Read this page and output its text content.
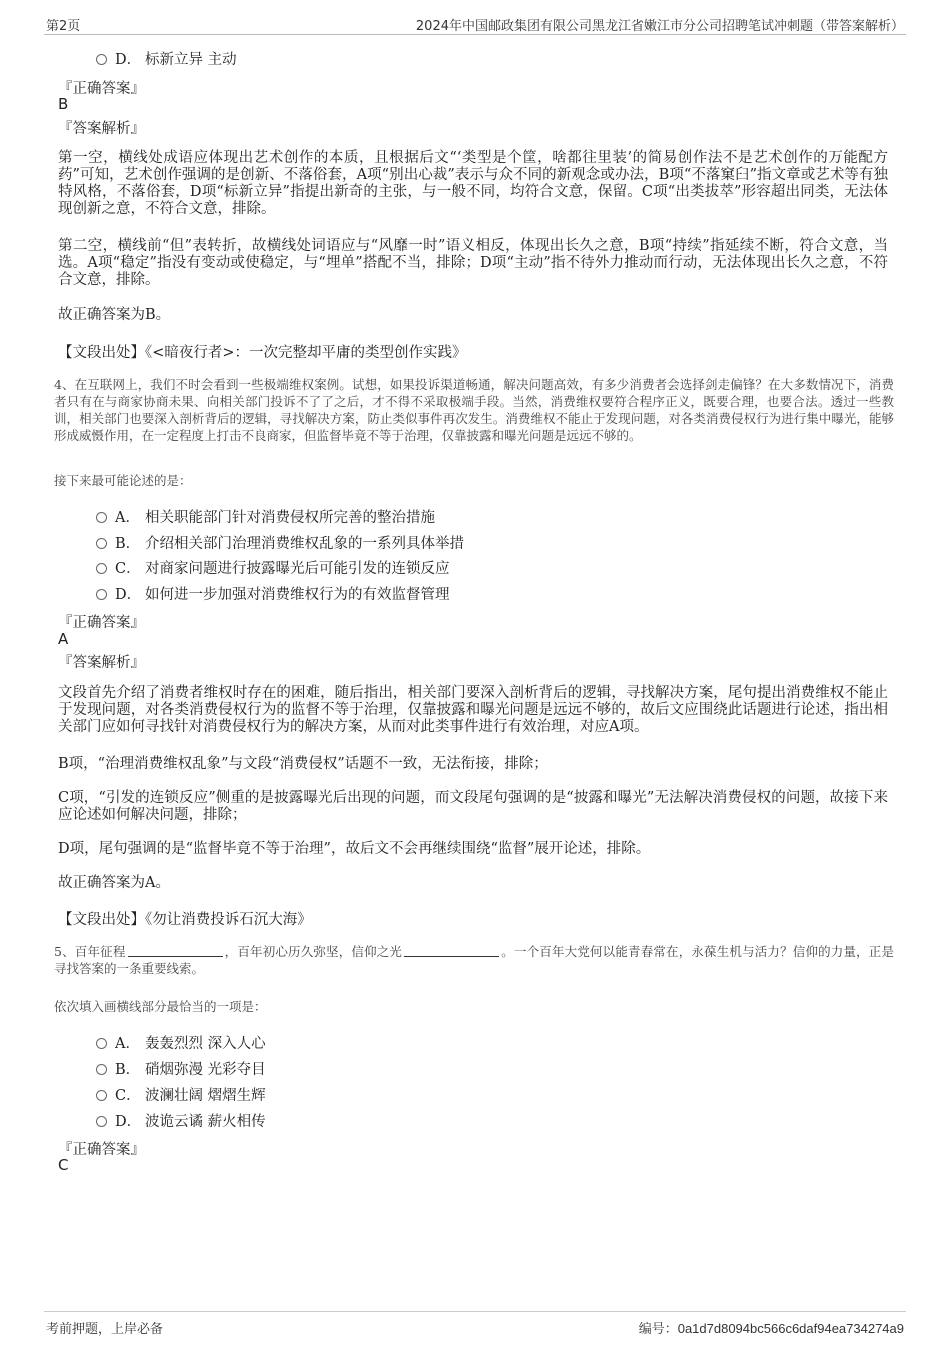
第2页	2024年中国邮政集团有限公司黑龙江省嫩江市分公司招聘笔试冲刺题（带答案解析）
D． 标新立异 主动
『正确答案』
B
『答案解析』
第一空，横线处成语应体现出艺术创作的本质，且根据后文“‘类型是个筐，啥都往里装’的简易创作法不是艺术创作的万能配方药”可知，艺术创作强调的是创新、不落俗套，A项“别出心裁”表示与众不同的新观念或办法，B项“不落窠臼”指文章或艺术等有独特风格，不落俗套，D项“标新立异”指提出新奇的主张，与一般不同，均符合文意，保留。C项“出类拔萃”形容超出同类，无法体现创新之意，不符合文意，排除。
第二空，横线前“但”表转折，故横线处词语应与“风靡一时”语义相反，体现出长久之意，B项“持续”指延续不断，符合文意，当选。A项“稳定”指没有变动或使稳定，与“埋单”搭配不当，排除；D项“主动”指不待外力推动而行动，无法体现出长久之意，不符合文意，排除。
故正确答案为B。
【文段出处】《<暗夜行者>：一次完整却平庸的类型创作实践》
4、在互联网上，我们不时会看到一些极端维权案例。试想，如果投诉渠道畅通，解决问题高效，有多少消费者会选择剑走偏锋？在大多数情况下，消费者只有在与商家协商未果、向相关部门投诉不了了之后，才不得不采取极端手段。当然，消费维权要符合程序正义，既要合理，也要合法。透过一些教训，相关部门也要深入剖析背后的逻辑，寻找解决方案，防止类似事件再次发生。消费维权不能止于发现问题，对各类消费侵权行为进行集中曝光，能够形成威慑作用，在一定程度上打击不良商家，但监督毕竟不等于治理，仅靠披露和曝光问题是远远不够的。
接下来最可能论述的是：
A． 相关职能部门针对消费侵权所完善的整治措施
B． 介绍相关部门治理消费维权乱象的一系列具体举措
C． 对商家问题进行披露曝光后可能引发的连锁反应
D． 如何进一步加强对消费维权行为的有效监督管理
『正确答案』
A
『答案解析』
文段首先介绍了消费者维权时存在的困难，随后指出，相关部门要深入剖析背后的逻辑，寻找解决方案，尾句提出消费维权不能止于发现问题，对各类消费侵权行为的监督不等于治理，仅靠披露和曝光问题是远远不够的，故后文应围绕此话题进行论述，指出相关部门应如何寻找针对消费侵权行为的解决方案，从而对此类事件进行有效治理，对应A项。
B项，“治理消费维权乱象”与文段“消费侵权”话题不一致，无法衔接，排除；
C项，“引发的连锁反应”侧重的是披露曝光后出现的问题，而文段尾句强调的是“披露和曝光”无法解决消费侵权的问题，故接下来应论述如何解决问题，排除；
D项，尾句强调的是“监督毕竟不等于治理”，故后文不会再继续围绕“监督”展开论述，排除。
故正确答案为A。
【文段出处】《勿让消费投诉石沉大海》
5、百年征程	，百年初心历久弥坚，信仰之光	。一个百年大党何以能青春常在，永葆生机与活力？信仰的力量，正是寻找答案的一条重要线索。
依次填入画横线部分最恰当的一项是：
A． 轰轰烈烈 深入人心
B． 硝烟弥漫 光彩夺目
C． 波澜壮阔 熠熠生辉
D． 波诡云谲 薪火相传
『正确答案』
C
考前押题，上岸必备	编号：0a1d7d8094bc566c6daf94ea734274a9
